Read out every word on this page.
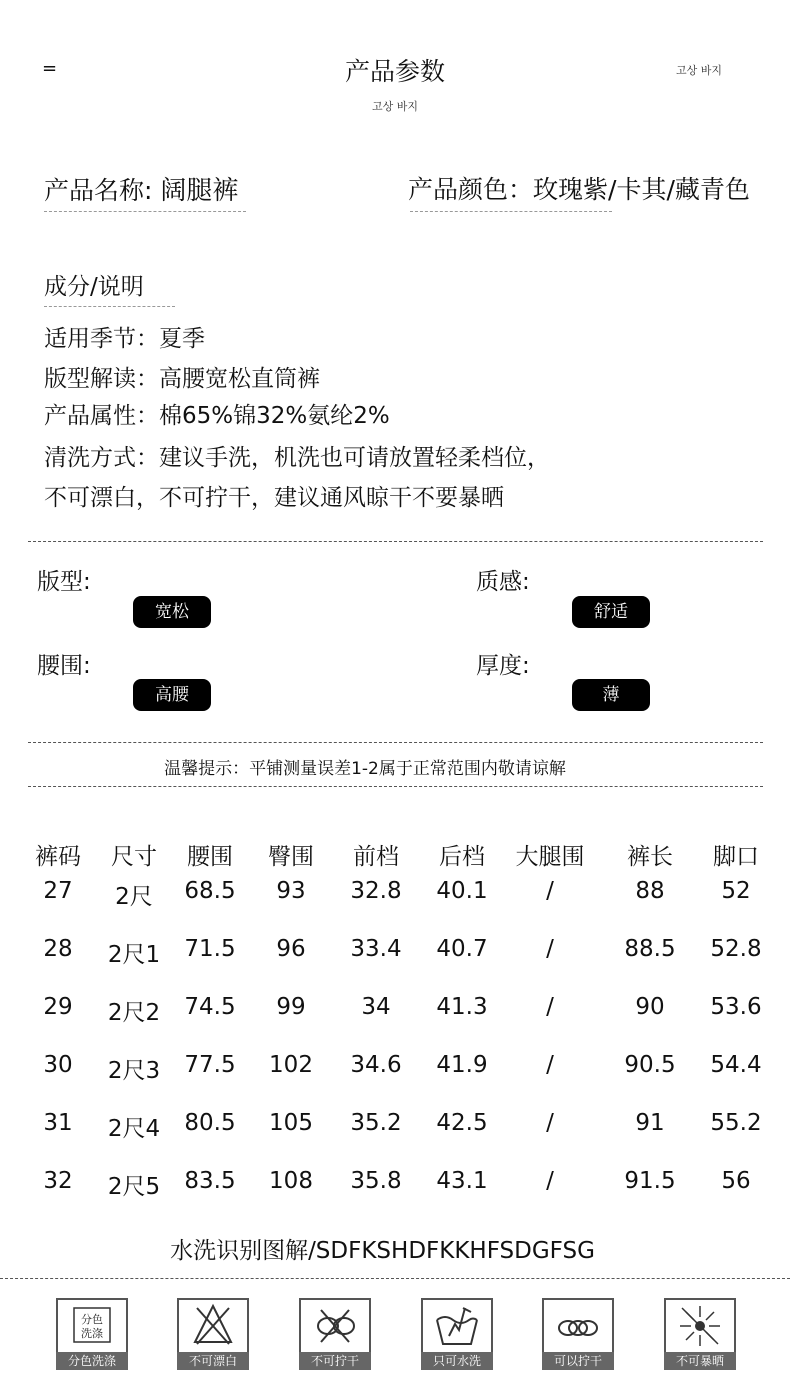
=	产品参数
고상 바지
고상 바지
产品名称: 阔腿裤	产品颜色：玫瑰紫/卡其/藏青色
成分/说明
适用季节：夏季
版型解读：高腰宽松直筒裤
产品属性：棉65%锦32%氨纶2%
清洗方式：建议手洗，机洗也可请放置轻柔档位，
不可漂白，不可拧干，建议通风晾干不要暴晒
版型:
宽松
质感:
舒适
腰围:
高腰
厚度:
薄
温馨提示：平铺测量误差1-2属于正常范围内敬请谅解
裤码	尺寸	腰围	臀围	前档	后档	大腿围	裤长	脚口
27	2尺	68.5	93	32.8	40.1	/	88	52
28	2尺1	71.5	96	33.4	40.7	/	88.5	52.8
29	2尺2	74.5	99	34	41.3	/	90	53.6
30	2尺3	77.5	102	34.6	41.9	/	90.5	54.4
31	2尺4	80.5	105	35.2	42.5	/	91	55.2
32	2尺5	83.5	108	35.8	43.1	/	91.5	56
水洗识别图解/SDFKSHDFKKHFSDGFSG
分色
洗涤
分色洗涤	不可漂白	不可拧干	只可水洗	可以拧干	不可暴晒
